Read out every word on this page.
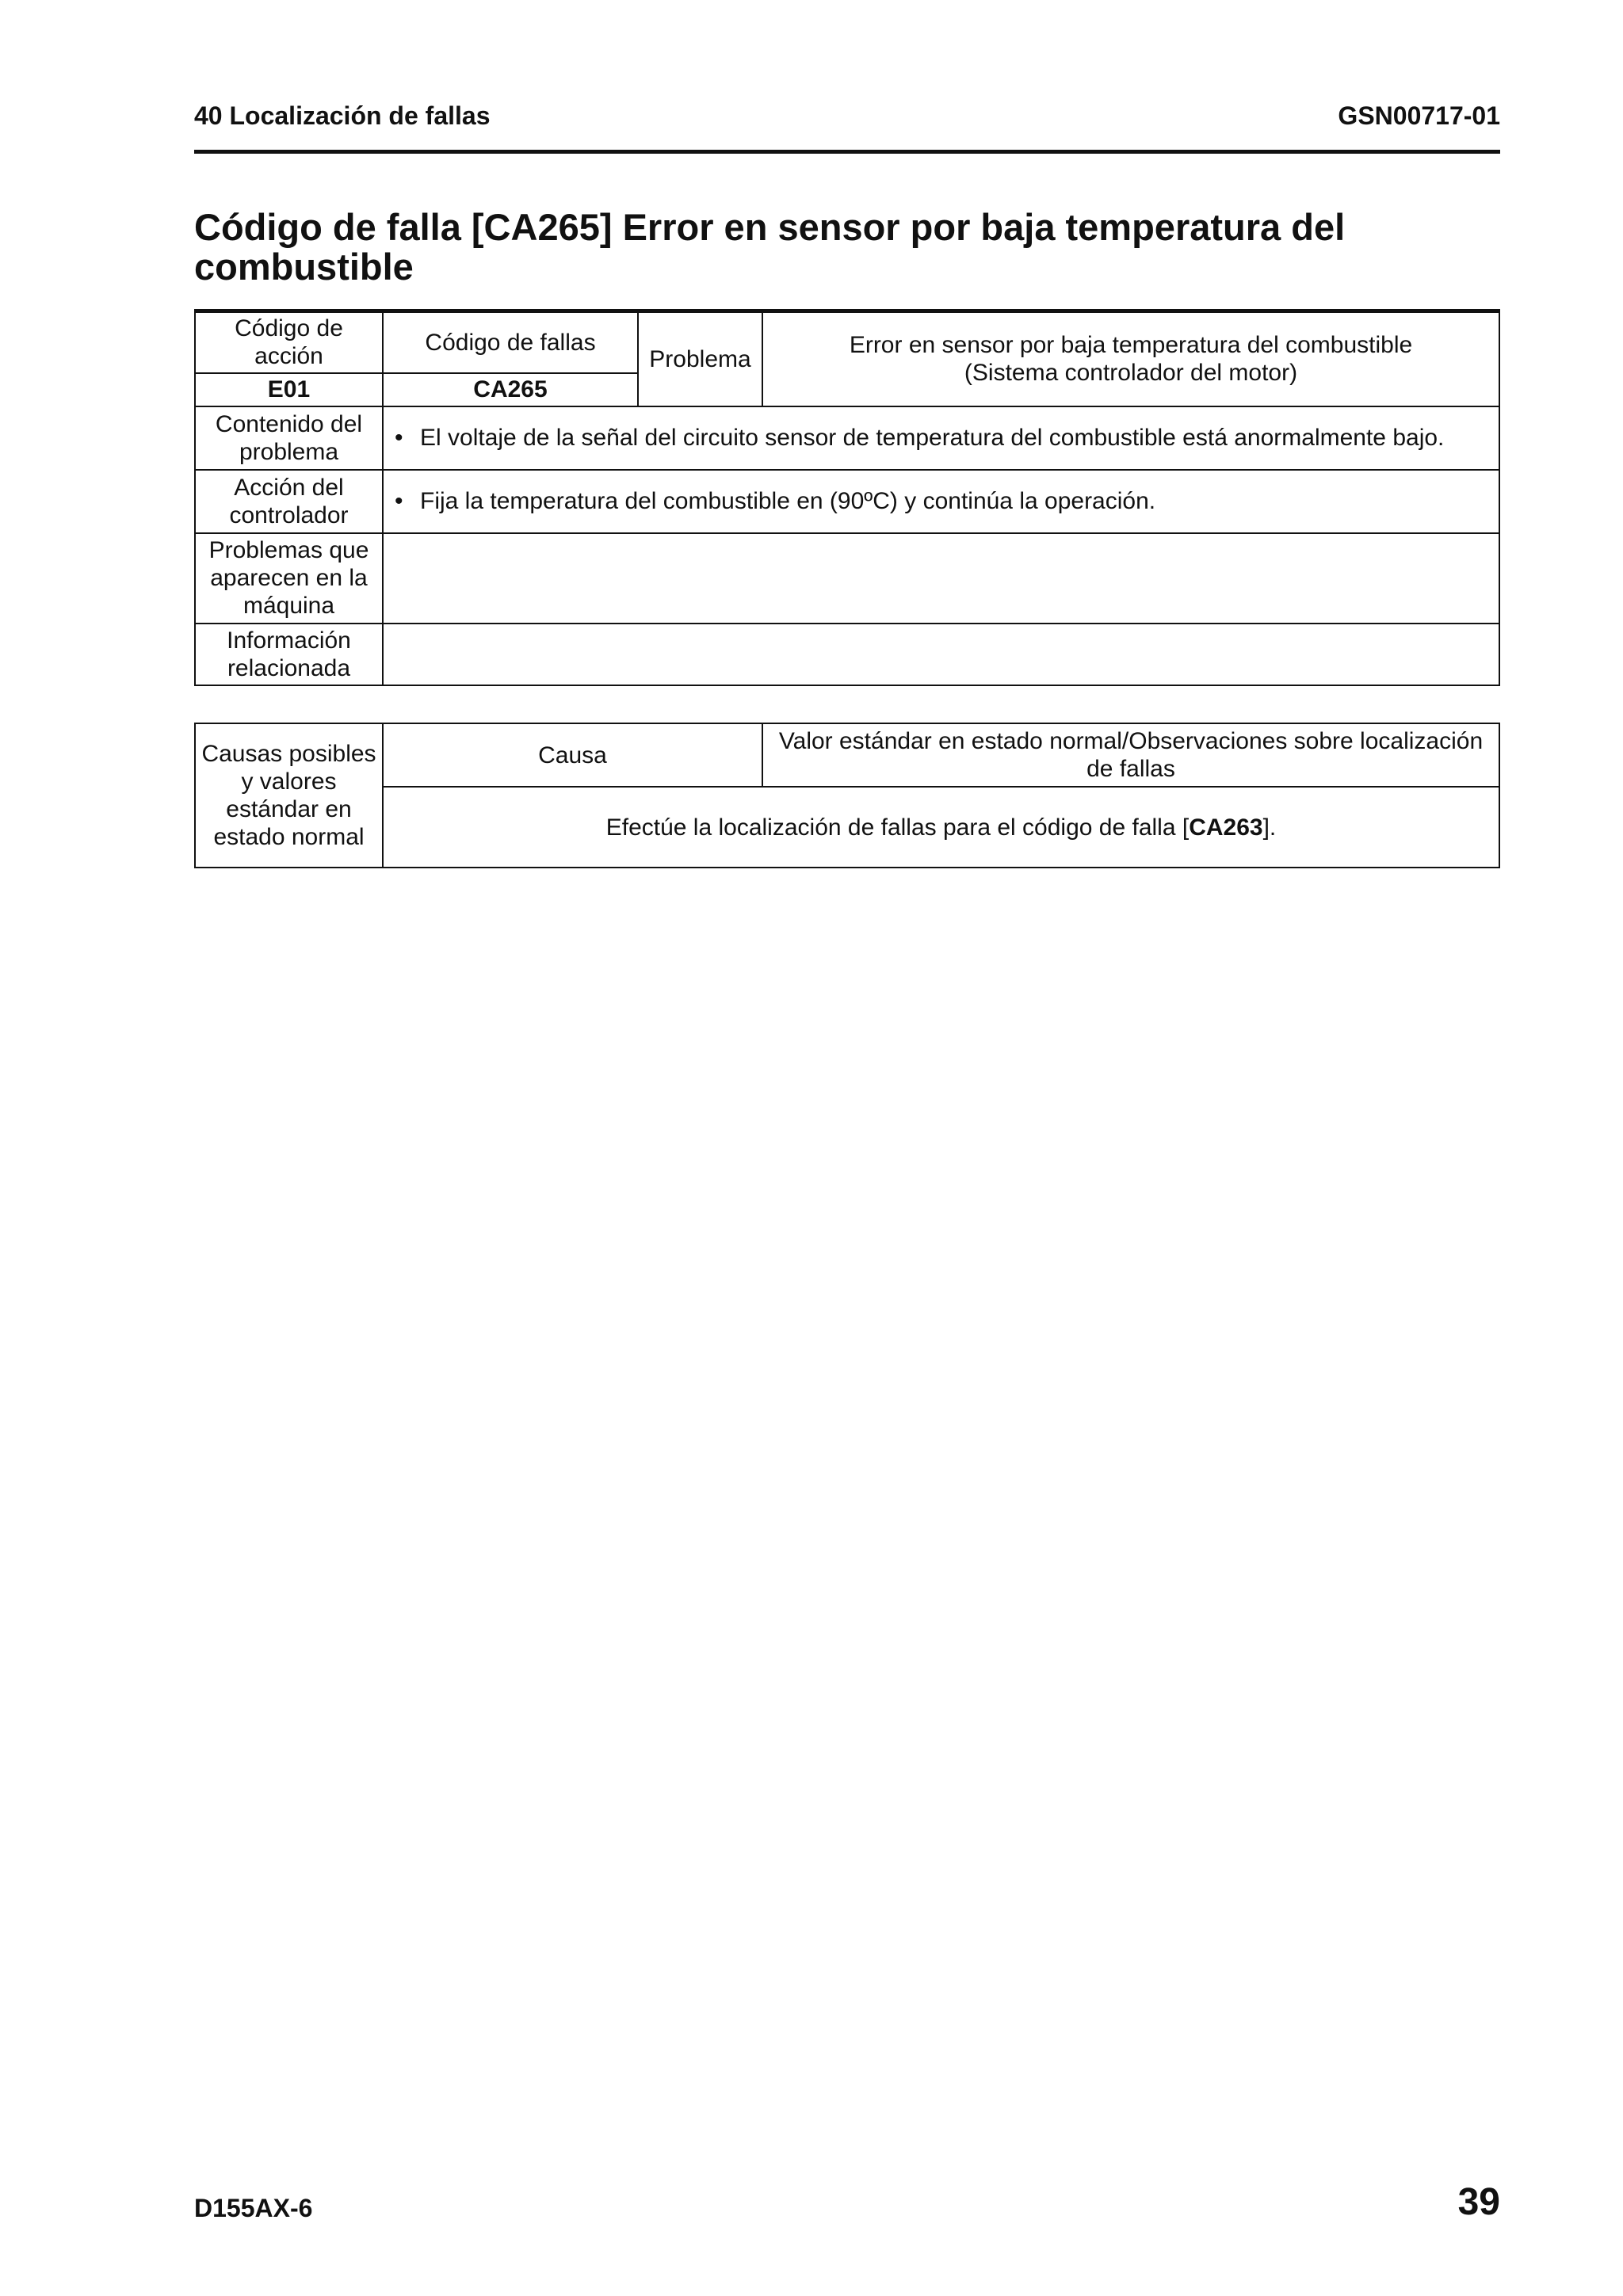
40 Localización de fallas	GSN00717-01
Código de falla [CA265] Error en sensor por baja temperatura del combustible
Código de acción	Código de fallas	Problema	Error en sensor por baja temperatura del combustible
(Sistema controlador del motor)

E01	CA265		
Contenido del problema	• El voltaje de la señal del circuito sensor de temperatura del combustible está anormalmente bajo.		
Acción del controlador	• Fija la temperatura del combustible en (90ºC) y continúa la operación.		
Problemas que aparecen en la máquina			
Información relacionada			
Causas posibles y valores estándar en estado normal	Causa	Valor estándar en estado normal/Observaciones sobre localización de fallas
Efectúe la localización de fallas para el código de falla [CA263].
D155AX-6	39
